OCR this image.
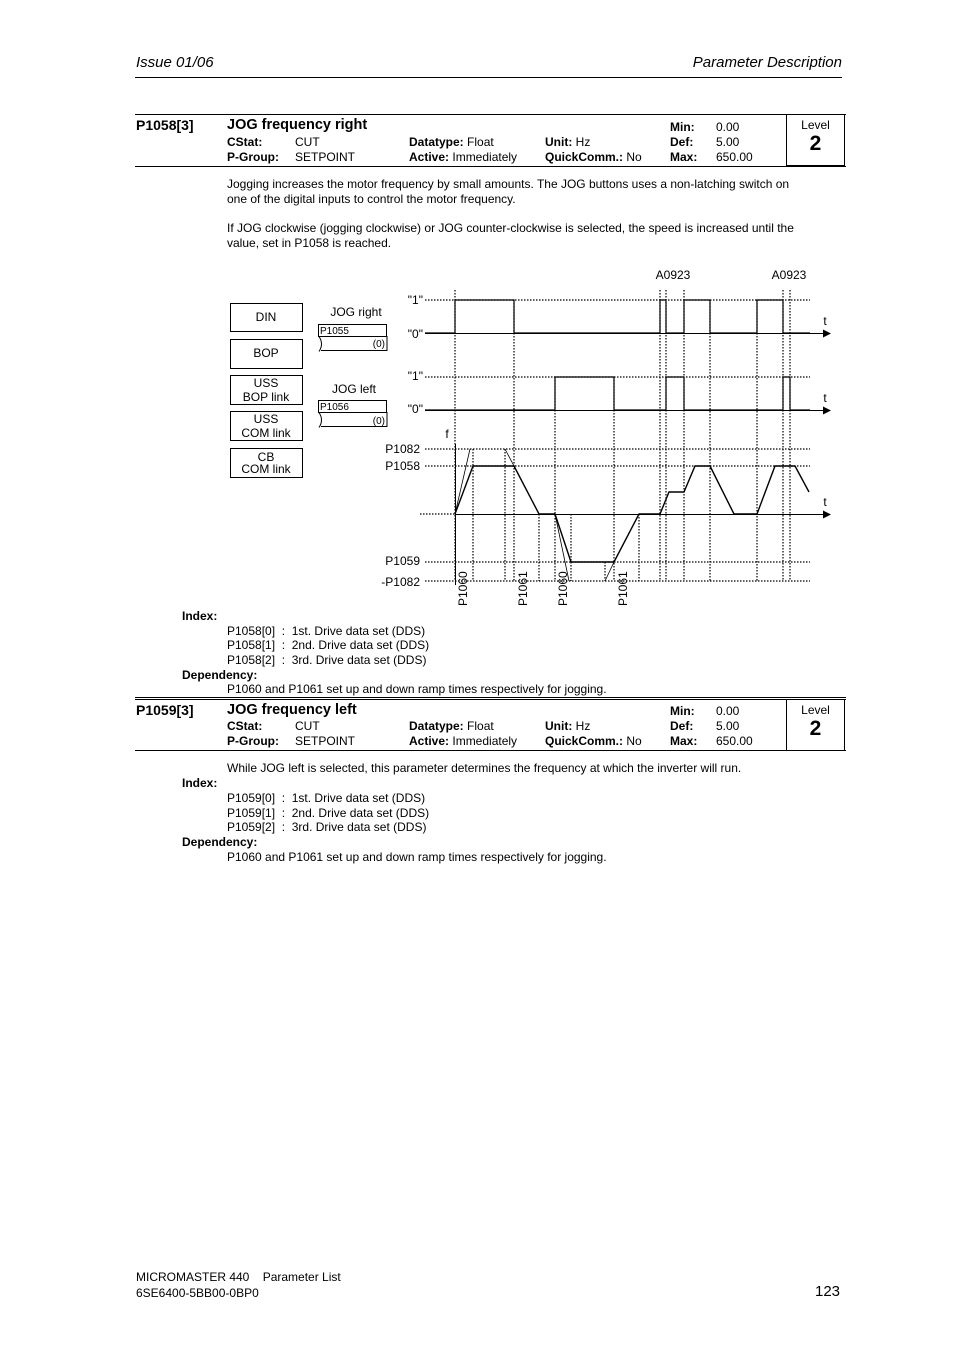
Issue 01/06	Parameter Description
Level
2
P1058[3] JOG frequency right
CStat:	CUT
P-Group: SETPOINT
Datatype: Float
Active: Immediately
Unit: Hz
QuickComm.: No
Min: 0.00
Def: 5.00
Max: 650.00
Jogging increases the motor frequency by small amounts. The JOG buttons uses a non-latching switch on
one of the digital inputs to control the motor frequency.
If JOG clockwise (jogging clockwise) or JOG counter-clockwise is selected, the speed is increased until the
value, set in P1058 is reached.
DIN
BOP
USS BOP link
USS COM link
CB COM link
JOG right
P1055
(0)
JOG left
P1056
(0)
"1"
"0"
"1"
"0"
f
P1082
P1058
P1059
-P1082
t
t
t
A0923	A0923
P1060	P1061 P1060	P1061
Index:
P1058[0] : 1st. Drive data set (DDS)
P1058[1] : 2nd. Drive data set (DDS)
P1058[2] : 3rd. Drive data set (DDS)
Dependency:
P1060 and P1061 set up and down ramp times respectively for jogging.
Level
2
P1059[3] JOG frequency left
CStat:	CUT
P-Group: SETPOINT
Datatype: Float
Active: Immediately
Unit: Hz
QuickComm.: No
Min: 0.00
Def: 5.00
Max: 650.00
While JOG left is selected, this parameter determines the frequency at which the inverter will run.
Index:
P1059[0] : 1st. Drive data set (DDS)
P1059[1] : 2nd. Drive data set (DDS)
P1059[2] : 3rd. Drive data set (DDS)
Dependency:
P1060 and P1061 set up and down ramp times respectively for jogging.
MICROMASTER 440 Parameter List
6SE6400-5BB00-0BP0	123
